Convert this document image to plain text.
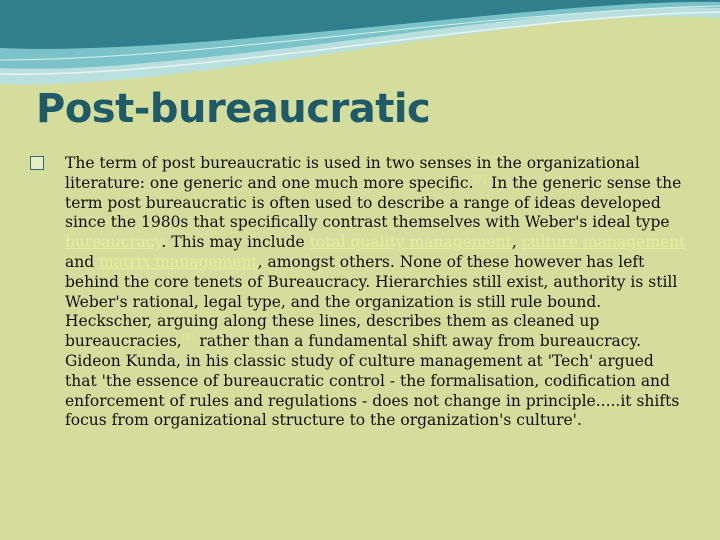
Post-bureaucratic

The term of post bureaucratic is used in two senses in the organizational literature: one generic and one much more specific.[7] In the generic sense the term post bureaucratic is often used to describe a range of ideas developed since the 1980s that specifically contrast themselves with Weber's ideal type bureaucracy. This may include total quality management, culture management and matrix management, amongst others. None of these however has left behind the core tenets of Bureaucracy. Hierarchies still exist, authority is still Weber's rational, legal type, and the organization is still rule bound. Heckscher, arguing along these lines, describes them as cleaned up bureaucracies,[8] rather than a fundamental shift away from bureaucracy. Gideon Kunda, in his classic study of culture management at 'Tech' argued that 'the essence of bureaucratic control - the formalisation, codification and enforcement of rules and regulations - does not change in principle.....it shifts focus from organizational structure to the organization's culture'.
